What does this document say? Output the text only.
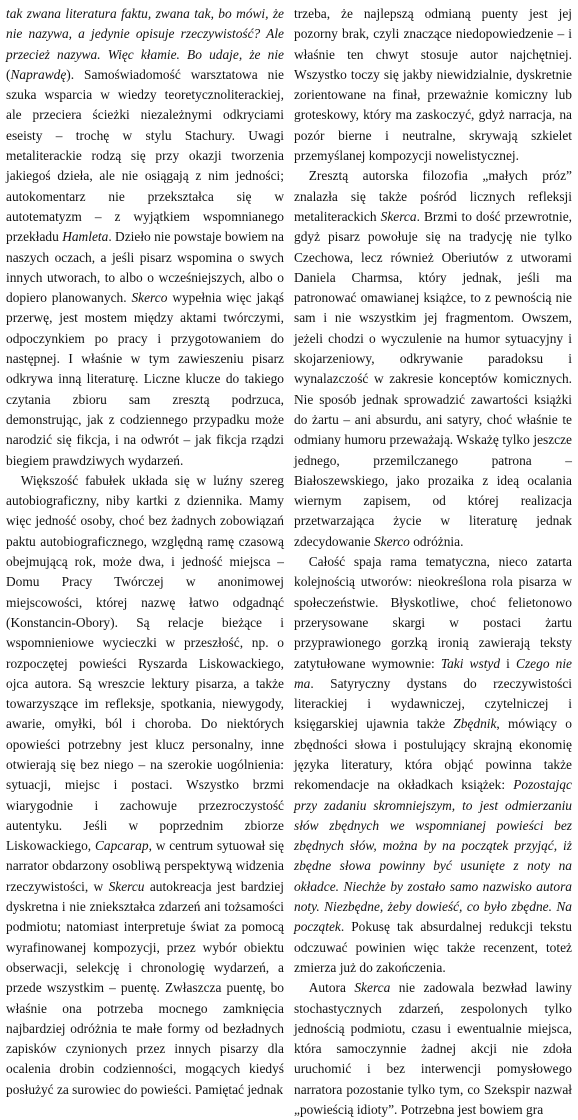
tak zwana literatura faktu, zwana tak, bo mówi, że nie nazywa, a jedynie opisuje rzeczywistość? Ale przecież nazywa. Więc kłamie. Bo udaje, że nie (Naprawdę). Samoświadomość warsztatowa nie szuka wsparcia w wiedzy teoretycznoliterackiej, ale przeciera ścieżki niezależnymi odkryciami eseisty – trochę w stylu Stachury. Uwagi metaliterackie rodzą się przy okazji tworzenia jakiegoś dzieła, ale nie osiągają z nim jedności; autokomentarz nie przekształca się w autotematyzm – z wyjątkiem wspomnianego przekładu Hamleta. Dzieło nie powstaje bowiem na naszych oczach, a jeśli pisarz wspomina o swych innych utworach, to albo o wcześniejszych, albo o dopiero planowanych. Skerco wypełnia więc jakąś przerwę, jest mostem między aktami twórczymi, odpoczynkiem po pracy i przygotowaniem do następnej. I właśnie w tym zawieszeniu pisarz odkrywa inną literaturę. Liczne klucze do takiego czytania zbioru sam zresztą podrzuca, demonstrując, jak z codziennego przypadku może narodzić się fikcja, i na odwrót – jak fikcja rządzi biegiem prawdziwych wydarzeń.

Większość fabułek układa się w luźny szereg autobiograficzny, niby kartki z dziennika. Mamy więc jedność osoby, choć bez żadnych zobowiązań paktu autobiograficznego, względną ramę czasową obejmującą rok, może dwa, i jedność miejsca – Domu Pracy Twórczej w anonimowej miejscowości, której nazwę łatwo odgadnąć (Konstancin-Obory). Są relacje bieżące i wspomnieniowe wycieczki w przeszłość, np. o rozpoczętej powieści Ryszarda Liskowackiego, ojca autora. Są wreszcie lektury pisarza, a także towarzyszące im refleksje, spotkania, niewygody, awarie, omyłki, ból i choroba. Do niektórych opowieści potrzebny jest klucz personalny, inne otwierają się bez niego – na szerokie uogólnienia: sytuacji, miejsc i postaci. Wszystko brzmi wiarygodnie i zachowuje przezroczystość autentyku. Jeśli w poprzednim zbiorze Liskowackiego, Capcarap, w centrum sytuował się narrator obdarzony osobliwą perspektywą widzenia rzeczywistości, w Skercu autokreacja jest bardziej dyskretna i nie zniekształca zdarzeń ani tożsamości podmiotu; natomiast interpretuje świat za pomocą wyrafinowanej kompozycji, przez wybór obiektu obserwacji, selekcję i chronologię wydarzeń, a przede wszystkim – puentę. Zwłaszcza puentę, bo właśnie ona potrzeba mocnego zamknięcia najbardziej odróżnia te małe formy od bezładnych zapisków czynionych przez innych pisarzy dla ocalenia drobin codzienności, mogących kiedyś posłużyć za surowiec do powieści. Pamiętać jednak

trzeba, że najlepszą odmianą puenty jest jej pozorny brak, czyli znaczące niedopowiedzenie – i właśnie ten chwyt stosuje autor najchętniej. Wszystko toczy się jakby niewidzialnie, dyskretnie zorientowane na finał, przeważnie komiczny lub groteskowy, który ma zaskoczyć, gdyż narracja, na pozór bierne i neutralne, skrywają szkielet przemyślanej kompozycji nowelistycznej.

Zresztą autorska filozofia „małych próz” znalazła się także pośród licznych refleksji metaliterackich Skerca. Brzmi to dość przewrotnie, gdyż pisarz powołuje się na tradycję nie tylko Czechowa, lecz również Oberiutów z utworami Daniela Charmsa, który jednak, jeśli ma patronować omawianej książce, to z pewnością nie sam i nie wszystkim jej fragmentom. Owszem, jeżeli chodzi o wyczulenie na humor sytuacyjny i skojarzeniowy, odkrywanie paradoksu i wynalazczość w zakresie konceptów komicznych. Nie sposób jednak sprowadzić zawartości książki do żartu – ani absurdu, ani satyry, choć właśnie te odmiany humoru przeważają. Wskażę tylko jeszcze jednego, przemilczanego patrona – Białoszewskiego, jako prozaika z ideą ocalania wiernym zapisem, od której realizacja przetwarzająca życie w literaturę jednak zdecydowanie Skerco odróżnia.

Całość spaja rama tematyczna, nieco zatarta kolejnością utworów: nieokreślona rola pisarza w społeczeństwie. Błyskotliwe, choć felietonowo przerysowane skargi w postaci żartu przyprawionego gorzką ironią zawierają teksty zatytułowane wymownie: Taki wstyd i Czego nie ma. Satyryczny dystans do rzeczywistości literackiej i wydawniczej, czytelniczej i księgarskiej ujawnia także Zbędnik, mówiący o zbędności słowa i postulujący skrajną ekonomię języka literatury, która objąć powinna także rekomendacje na okładkach książek: Pozostając przy zadaniu skromniejszym, to jest odmierzaniu słów zbędnych we wspomnianej powieści bez zbędnych słów, można by na początek przyjąć, iż zbędne słowa powinny być usunięte z noty na okładce. Niechże by zostało samo nazwisko autora noty. Niezbędne, żeby dowieść, co było zbędne. Na początek. Pokusę tak absurdalnej redukcji tekstu odczuwać powinien więc także recenzent, toteż zmierza już do zakończenia.

Autora Skerca nie zadowala bezwład lawiny stochastycznych zdarzeń, zespolonych tylko jednością podmiotu, czasu i ewentualnie miejsca, która samoczynnie żadnej akcji nie zdoła uruchomić i bez interwencji pomysłowego narratora pozostanie tylko tym, co Szekspir nazwał „powieścią idioty”. Potrzebna jest bowiem gra
